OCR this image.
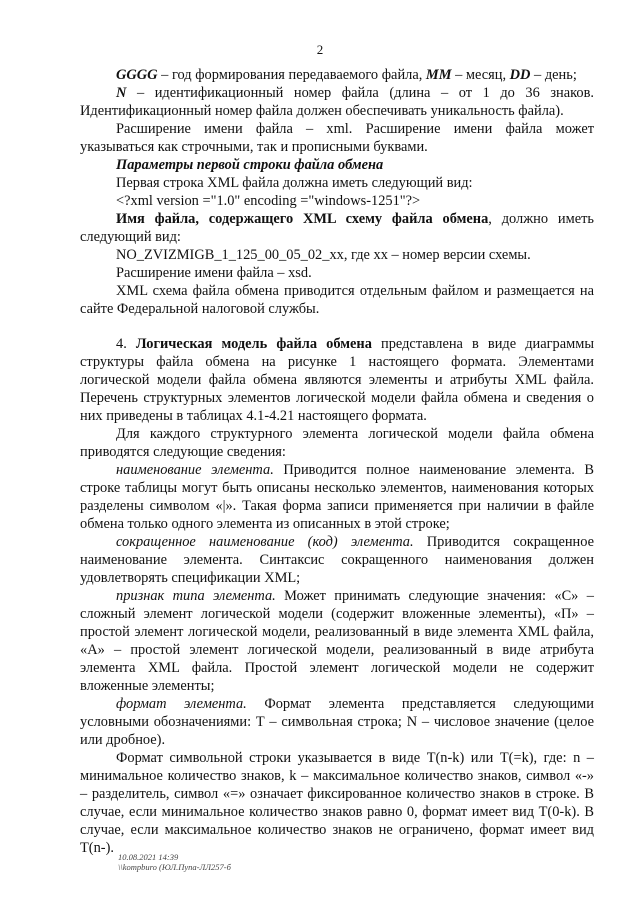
2

GGGG – год формирования передаваемого файла, MM – месяц, DD – день;

N – идентификационный номер файла (длина – от 1 до 36 знаков. Идентификационный номер файла должен обеспечивать уникальность файла).

Расширение имени файла – xml. Расширение имени файла может указываться как строчными, так и прописными буквами.

Параметры первой строки файла обмена

Первая строка XML файла должна иметь следующий вид:

<?xml version ="1.0" encoding ="windows-1251"?>

Имя файла, содержащего XML схему файла обмена, должно иметь следующий вид:

NO_ZVIZMIGB_1_125_00_05_02_xx, где хх – номер версии схемы.

Расширение имени файла – xsd.

XML схема файла обмена приводится отдельным файлом и размещается на сайте Федеральной налоговой службы.

4. Логическая модель файла обмена представлена в виде диаграммы структуры файла обмена на рисунке 1 настоящего формата. Элементами логической модели файла обмена являются элементы и атрибуты XML файла. Перечень структурных элементов логической модели файла обмена и сведения о них приведены в таблицах 4.1-4.21 настоящего формата.

Для каждого структурного элемента логической модели файла обмена приводятся следующие сведения:

наименование элемента. Приводится полное наименование элемента. В строке таблицы могут быть описаны несколько элементов, наименования которых разделены символом «|». Такая форма записи применяется при наличии в файле обмена только одного элемента из описанных в этой строке;

сокращенное наименование (код) элемента. Приводится сокращенное наименование элемента. Синтаксис сокращенного наименования должен удовлетворять спецификации XML;

признак типа элемента. Может принимать следующие значения: «С» – сложный элемент логической модели (содержит вложенные элементы), «П» – простой элемент логической модели, реализованный в виде элемента XML файла, «А» – простой элемент логической модели, реализованный в виде атрибута элемента XML файла. Простой элемент логической модели не содержит вложенные элементы;

формат элемента. Формат элемента представляется следующими условными обозначениями: Т – символьная строка; N – числовое значение (целое или дробное).

Формат символьной строки указывается в виде Т(n-k) или Т(=k), где: n – минимальное количество знаков, k – максимальное количество знаков, символ «-» – разделитель, символ «=» означает фиксированное количество знаков в строке. В случае, если минимальное количество знаков равно 0, формат имеет вид Т(0-k). В случае, если максимальное количество знаков не ограничено, формат имеет вид Т(n-).

10.08.2021 14:39
\\kompburo (ЮЛ.Пупа-ЛЛ257-б
